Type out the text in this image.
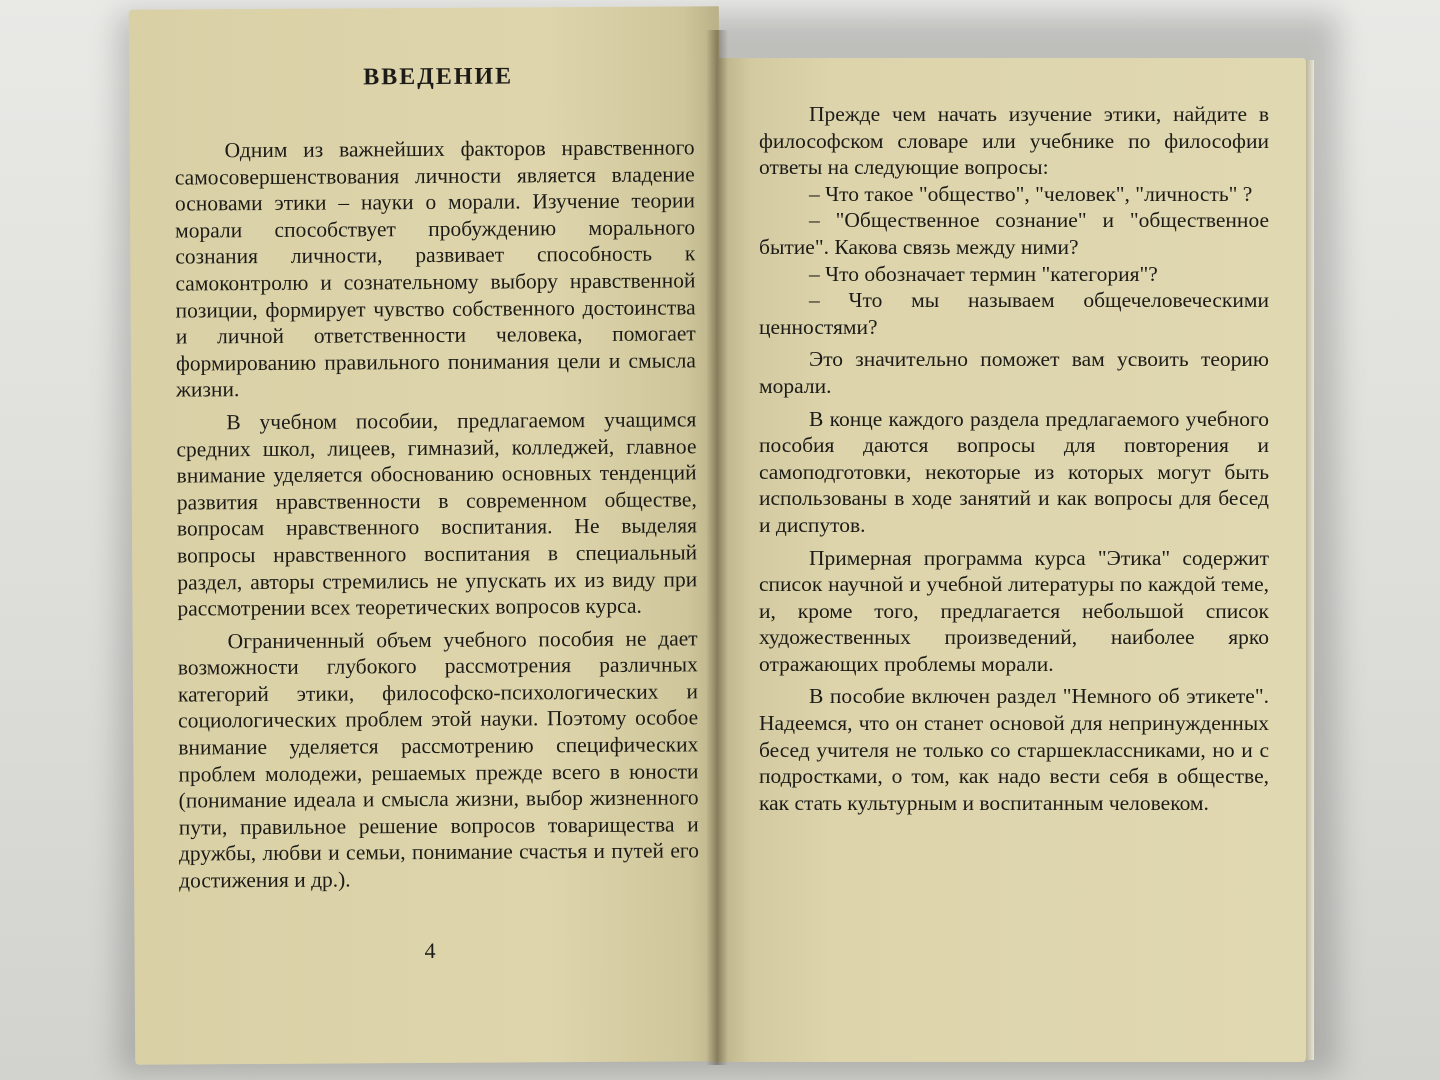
ВВЕДЕНИЕ

Одним из важнейших факторов нравственного самосовершенствования личности является владение основами этики – науки о морали. Изучение теории морали способствует пробуждению морального сознания личности, развивает способность к самоконтролю и сознательному выбору нравственной позиции, формирует чувство собственного достоинства и личной ответственности человека, помогает формированию правильного понимания цели и смысла жизни.

В учебном пособии, предлагаемом учащимся средних школ, лицеев, гимназий, колледжей, главное внимание уделяется обоснованию основных тенденций развития нравственности в современном обществе, вопросам нравственного воспитания. Не выделяя вопросы нравственного воспитания в специальный раздел, авторы стремились не упускать их из виду при рассмотрении всех теоретических вопросов курса.

Ограниченный объем учебного пособия не дает возможности глубокого рассмотрения различных категорий этики, философско-психологических и социологических проблем этой науки. Поэтому особое внимание уделяется рассмотрению специфических проблем молодежи, решаемых прежде всего в юности (понимание идеала и смысла жизни, выбор жизненного пути, правильное решение вопросов товарищества и дружбы, любви и семьи, понимание счастья и путей его достижения и др.).

4

Прежде чем начать изучение этики, найдите в философском словаре или учебнике по философии ответы на следующие вопросы:

– Что такое "общество", "человек", "личность" ?

– "Общественное сознание" и "общественное бытие". Какова связь между ними?

– Что обозначает термин "категория"?

– Что мы называем общечеловеческими ценностями?

Это значительно поможет вам усвоить теорию морали.

В конце каждого раздела предлагаемого учебного пособия даются вопросы для повторения и самоподготовки, некоторые из которых могут быть использованы в ходе занятий и как вопросы для бесед и диспутов.

Примерная программа курса "Этика" содержит список научной и учебной литературы по каждой теме, и, кроме того, предлагается небольшой список художественных произведений, наиболее ярко отражающих проблемы морали.

В пособие включен раздел "Немного об этикете". Надеемся, что он станет основой для непринужденных бесед учителя не только со старшеклассниками, но и с подростками, о том, как надо вести себя в обществе, как стать культурным и воспитанным человеком.
